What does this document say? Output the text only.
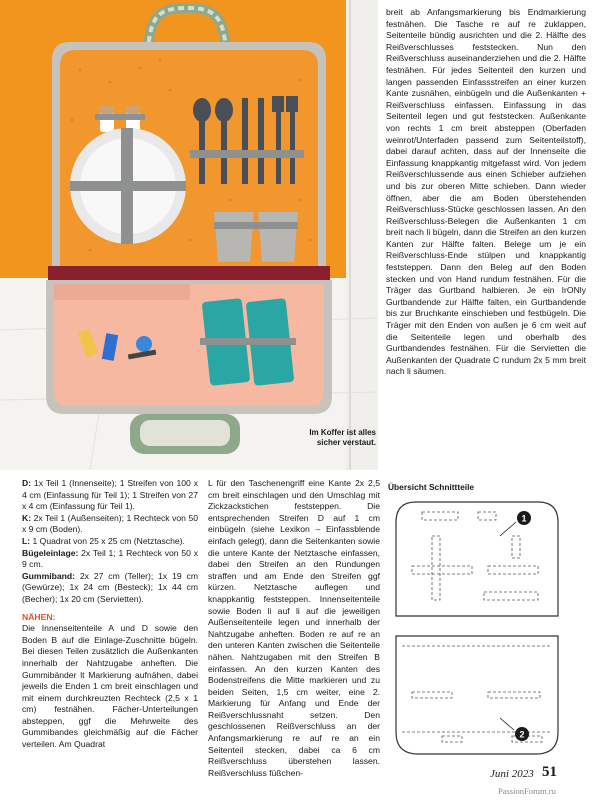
Im Koffer ist alles sicher verstaut.

breit ab Anfangsmarkierung bis Endmarkierung festnähen. Die Tasche re auf re zuklappen, Seitenteile bündig ausrichten und die 2. Hälfte des Reißverschlusses feststecken. Nun den Reißverschluss auseinanderziehen und die 2. Hälfte festnähen. Für jedes Seitenteil den kurzen und langen passenden Einfassstreifen an einer kurzen Kante zusnähen, einbügeln und die Außenkanten + Reißverschluss einfassen. Einfassung in das Seitenteil legen und gut feststecken. Außenkante von rechts 1 cm breit absteppen (Oberfaden weinrot/Unterfaden passend zum Seitenteilstoff), dabei darauf achten, dass auf der Innenseite die Einfassung knappkantig mitgefasst wird. Von jedem Reißverschlussende aus einen Schieber aufziehen und bis zur oberen Mitte schieben. Dann wieder öffnen, aber die am Boden überstehenden Reißverschluss-Stücke geschlossen lassen. An den Reißverschluss-Belegen die Außenkanten 1 cm breit nach li bügeln, dann die Streifen an den kurzen Kanten zur Hälfte falten. Belege um je ein Reißverschluss-Ende stülpen und knappkantig feststeppen. Dann den Beleg auf den Boden stecken und von Hand rundum festnähen. Für die Träger das Gurtband halbieren. Je ein IrONly Gurtbandende zur Hälfte falten, ein Gurtbandende bis zur Bruchkante einschieben und festbügeln. Die Träger mit den Enden von außen je 6 cm weit auf die Seitenteile legen und oberhalb des Gurtbandendes festnähen. Für die Servietten die Außenkanten der Quadrate C rundum 2x 5 mm breit nach li säumen.

D: 1x Teil 1 (Innenseite); 1 Streifen von 100 x 4 cm (Einfassung für Teil 1); 1 Streifen von 27 x 4 cm (Einfassung für Teil 1).

K: 2x Teil 1 (Außenseiten); 1 Rechteck von 50 x 9 cm (Boden).

L: 1 Quadrat von 25 x 25 cm (Netztasche).

Bügeleinlage: 2x Teil 1; 1 Rechteck von 50 x 9 cm.

Gummiband: 2x 27 cm (Teller); 1x 19 cm (Gewürze); 1x 24 cm (Besteck); 1x 44 cm (Becher); 1x 20 cm (Servietten).

NÄHEN:

Die Innenseitenteile A und D sowie den Boden B auf die Einlage-Zuschnitte bügeln. Bei diesen Teilen zusätzlich die Außenkanten innerhalb der Nahtzugabe anheften. Die Gummibänder lt Markierung aufnähen, dabei jeweils die Enden 1 cm breit einschlagen und mit einem durchkreuzten Rechteck (2,5 x 1 cm) festnähen. Fächer-Unterteilungen absteppen, ggf die Mehrweite des Gummibandes gleichmäßig auf die Fächer verteilen. Am Quadrat

L für den Taschenengriff eine Kante 2x 2,5 cm breit einschlagen und den Umschlag mit Zickzackstichen feststeppen. Die entsprechenden Streifen D auf 1 cm einbügeln (siehe Lexikon – Einfassblende einfach gelegt), dann die Seitenkanten sowie die untere Kante der Netztasche einfassen, dabei den Streifen an den Rundungen straffen und am Ende den Streifen ggf kürzen. Netztasche auflegen und knappkantig feststeppen. Innenseitenteile sowie Boden li auf li auf die jeweiligen Außenseitenteile legen und innerhalb der Nahtzugabe anheften. Boden re auf re an den unteren Kanten zwischen die Seitenteile nähen. Nahtzugaben mit den Streifen B einfassen. An den kurzen Kanten des Bodenstreifens die Mitte markieren und zu beiden Seiten, 1,5 cm weiter, eine 2. Markierung für Anfang und Ende der Reißverschlussnaht setzen. Den geschlossenen Reißverschluss an der Anfangsmarkierung re auf re an ein Seitenteil stecken, dabei ca 6 cm Reißverschluss überstehen lassen. Reißverschluss füßchen-

Übersicht Schnittteile
1
2
Juni 2023 51
PassionForum.ru
